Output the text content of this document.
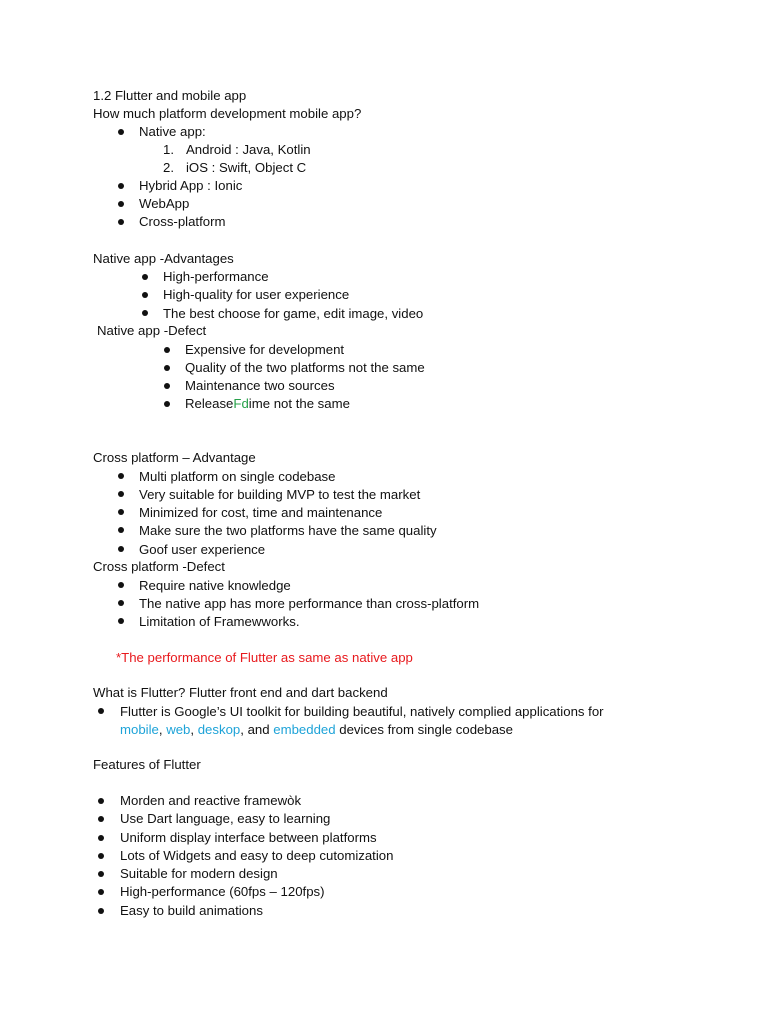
1.2 Flutter and mobile app
How much platform development mobile app?
Native app:
1. Android : Java, Kotlin
2. iOS : Swift, Object C
Hybrid App : Ionic
WebApp
Cross-platform
Native app -Advantages
High-performance
High-quality for user experience
The best choose for game, edit image, video
Native app -Defect
Expensive for development
Quality of the two platforms not the same
Maintenance two sources
ReleaseFdime not the same
Cross platform – Advantage
Multi platform on single codebase
Very suitable for building MVP to test the market
Minimized for cost, time and maintenance
Make sure the two platforms have the same quality
Goof user experience
Cross platform -Defect
Require native knowledge
The native app has more performance than cross-platform
Limitation of Framewworks.
*The performance of Flutter as same as native app
What is Flutter? Flutter front end and dart backend
Flutter is Google’s UI toolkit for building beautiful, natively complied applications for
mobile, web, deskop, and embedded devices from single codebase
Features of Flutter
Morden and reactive framewòk
Use Dart language, easy to learning
Uniform display interface between platforms
Lots of Widgets and easy to deep cutomization
Suitable for modern design
High-performance (60fps – 120fps)
Easy to build animations
